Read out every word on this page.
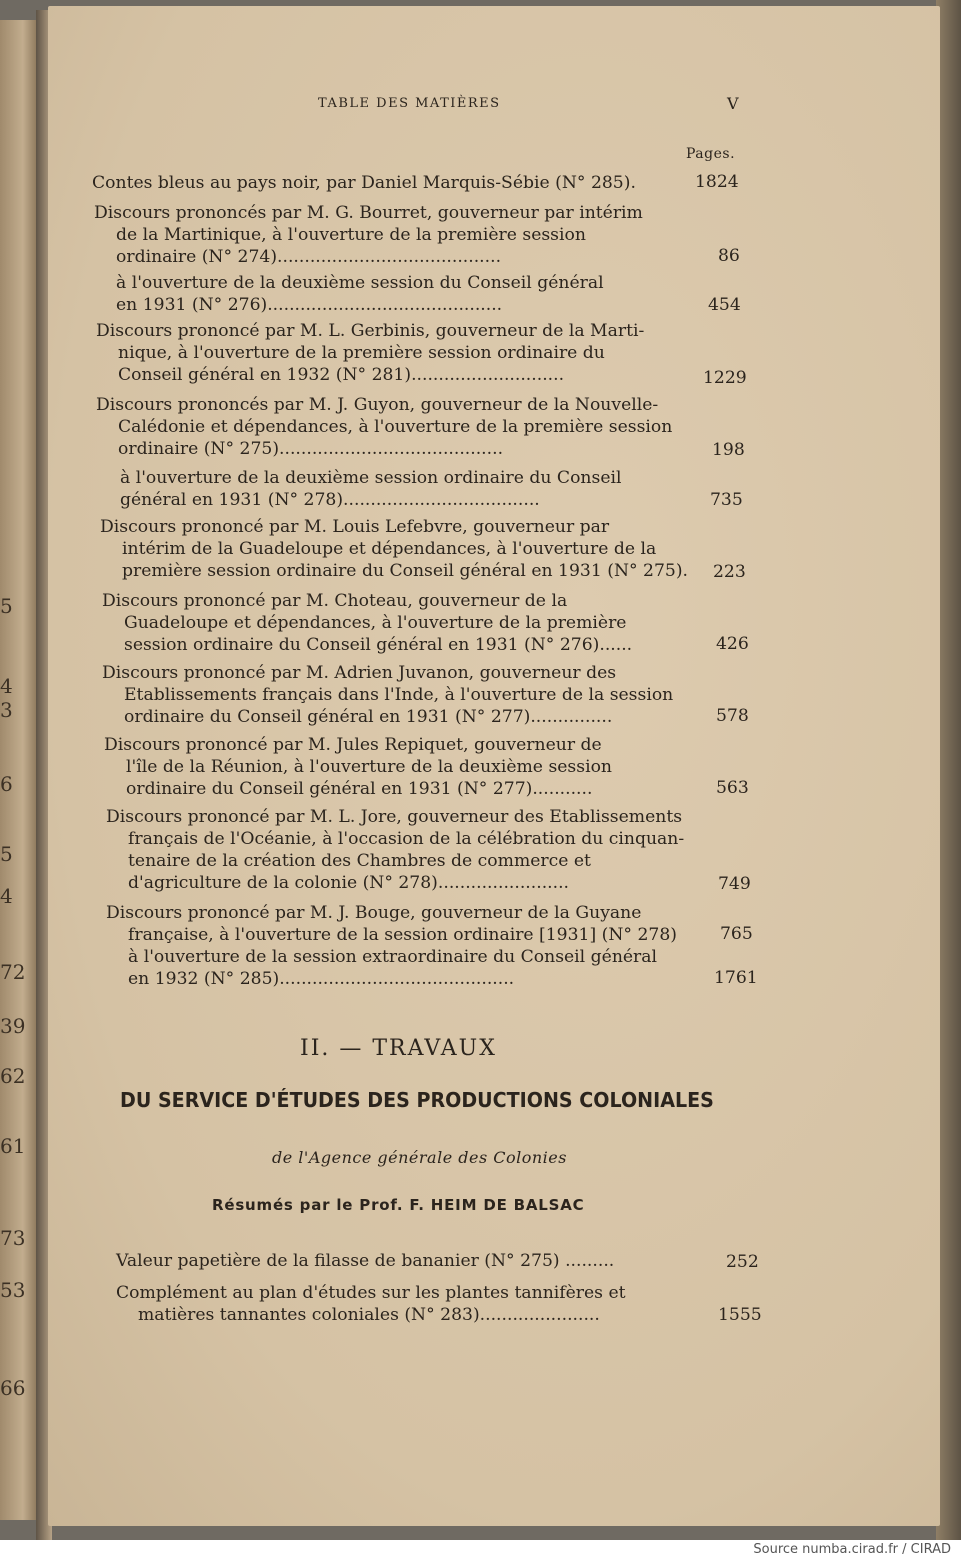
5
4
3
6
5
4
72
39
62
61
73
53
66
TABLE DES MATIÈRES	V
Pages.
Contes bleus au pays noir, par Daniel Marquis-Sébie (N° 285).	1824
Discours prononcés par M. G. Bourret, gouverneur par intérim
de la Martinique, à l'ouverture de la première session
ordinaire (N° 274).........................................	86
à l'ouverture de la deuxième session du Conseil général
en 1931 (N° 276)...........................................	454
Discours prononcé par M. L. Gerbinis, gouverneur de la Marti-
nique, à l'ouverture de la première session ordinaire du
Conseil général en 1932 (N° 281)............................	1229
Discours prononcés par M. J. Guyon, gouverneur de la Nouvelle-
Calédonie et dépendances, à l'ouverture de la première session
ordinaire (N° 275).........................................	198
à l'ouverture de la deuxième session ordinaire du Conseil
général en 1931 (N° 278)....................................	735
Discours prononcé par M. Louis Lefebvre, gouverneur par
intérim de la Guadeloupe et dépendances, à l'ouverture de la
première session ordinaire du Conseil général en 1931 (N° 275). 223
Discours prononcé par M. Choteau, gouverneur de la
Guadeloupe et dépendances, à l'ouverture de la première
session ordinaire du Conseil général en 1931 (N° 276)......	426
Discours prononcé par M. Adrien Juvanon, gouverneur des
Etablissements français dans l'Inde, à l'ouverture de la session
ordinaire du Conseil général en 1931 (N° 277)...............	578
Discours prononcé par M. Jules Repiquet, gouverneur de
l'île de la Réunion, à l'ouverture de la deuxième session
ordinaire du Conseil général en 1931 (N° 277)...........	563
Discours prononcé par M. L. Jore, gouverneur des Etablissements
français de l'Océanie, à l'occasion de la célébration du cinquan-
tenaire de la création des Chambres de commerce et
d'agriculture de la colonie (N° 278)........................	749
Discours prononcé par M. J. Bouge, gouverneur de la Guyane
française, à l'ouverture de la session ordinaire [1931] (N° 278)	765
à l'ouverture de la session extraordinaire du Conseil général
en 1932 (N° 285)...........................................	1761
II. — TRAVAUX
DU SERVICE D'ÉTUDES DES PRODUCTIONS COLONIALES
de l'Agence générale des Colonies
Résumés par le Prof. F. HEIM DE BALSAC
Valeur papetière de la filasse de bananier (N° 275) .........	252
Complément au plan d'études sur les plantes tannifères et
matières tannantes coloniales (N° 283)......................	1555
Source numba.cirad.fr / CIRAD
